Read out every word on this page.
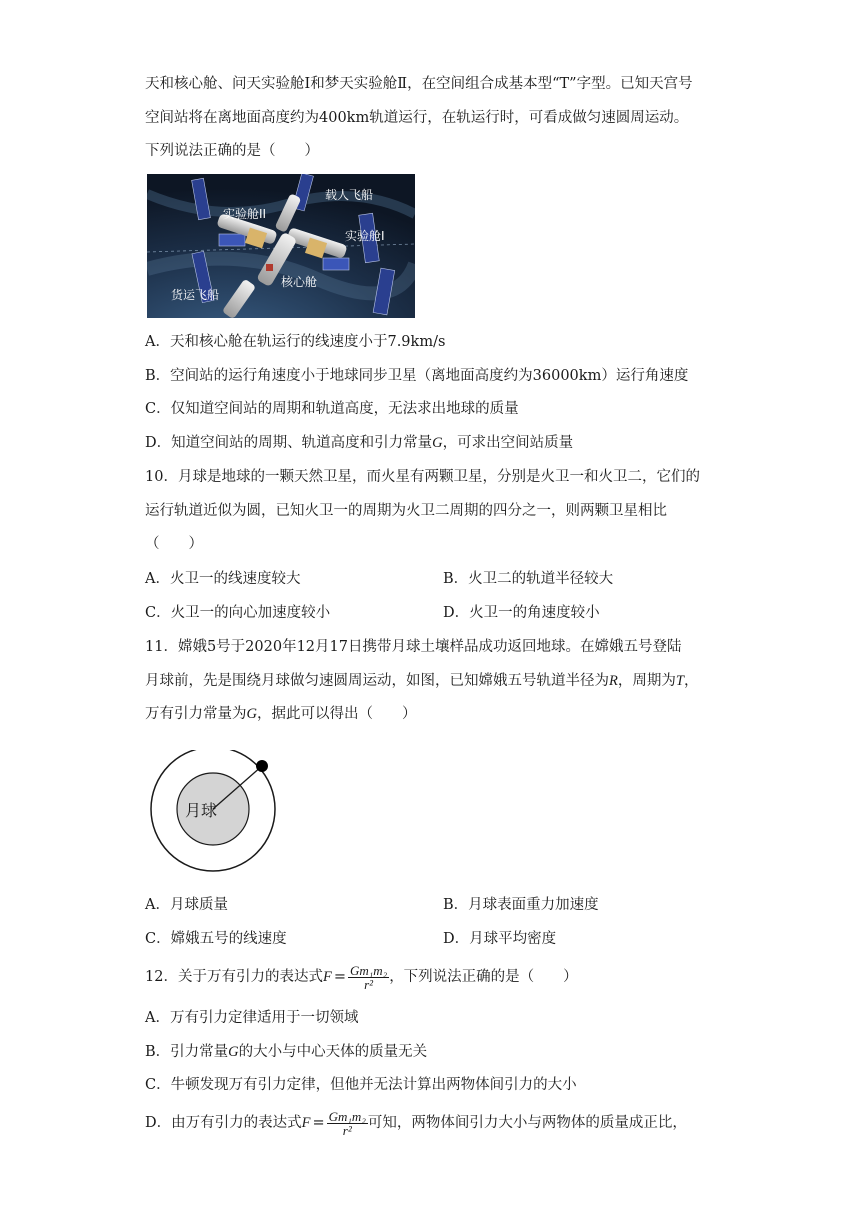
天和核心舱、问天实验舱Ⅰ和梦天实验舱Ⅱ，在空间组合成基本型“T”字型。已知天宫号
空间站将在离地面高度约为400km轨道运行，在轨运行时，可看成做匀速圆周运动。
下列说法正确的是（　　）
载人飞船
实验舱II
实验舱I
核心舱
货运飞船
A．天和核心舱在轨运行的线速度小于7.9km/s
B．空间站的运行角速度小于地球同步卫星（离地面高度约为36000km）运行角速度
C．仅知道空间站的周期和轨道高度，无法求出地球的质量
D．知道空间站的周期、轨道高度和引力常量G，可求出空间站质量
10．月球是地球的一颗天然卫星，而火星有两颗卫星，分别是火卫一和火卫二，它们的
运行轨道近似为圆，已知火卫一的周期为火卫二周期的四分之一，则两颗卫星相比
（　　）
A．火卫一的线速度较大	B．火卫二的轨道半径较大
C．火卫一的向心加速度较小	D．火卫一的角速度较小
11．嫦娥5号于2020年12月17日携带月球土壤样品成功返回地球。在嫦娥五号登陆
月球前，先是围绕月球做匀速圆周运动，如图，已知嫦娥五号轨道半径为R，周期为T，
万有引力常量为G，据此可以得出（　　）
月球
A．月球质量	B．月球表面重力加速度
C．嫦娥五号的线速度	D．月球平均密度
12．关于万有引力的表达式 $F = \frac{\text{Gm₁m₂}}{\text{r²}}$ ，下列说法正确的是（　　）
A．万有引力定律适用于一切领域
B．引力常量G的大小与中心天体的质量无关
C．牛顿发现万有引力定律，但他并无法计算出两物体间引力的大小
D．由万有引力的表达式 $F = \frac{\text{Gm₁m₂}}{\text{r²}}$ 可知，两物体间引力大小与两物体的质量成正比，
